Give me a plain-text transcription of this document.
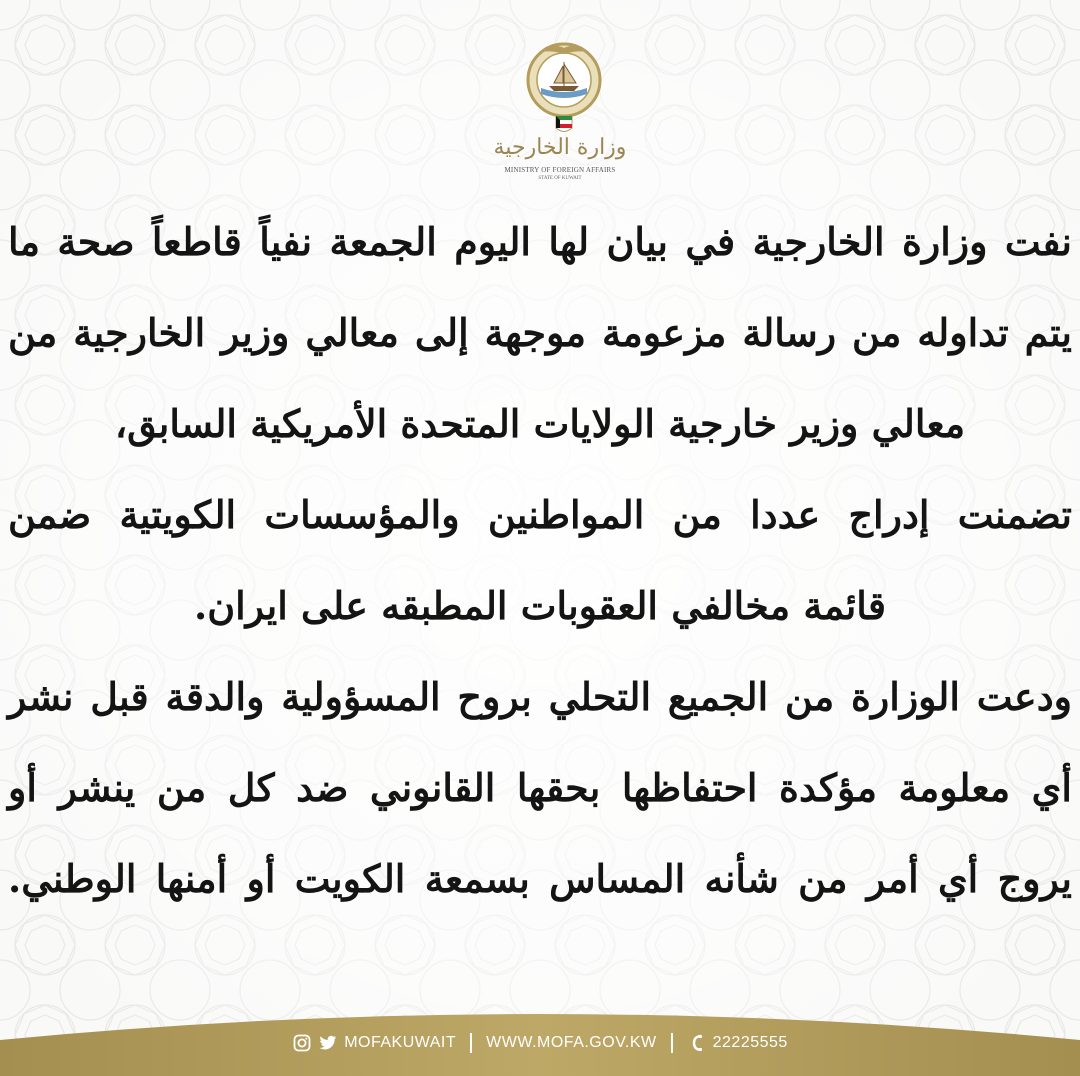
وزارة الخارجية
MINISTRY OF FOREIGN AFFAIRS
STATE OF KUWAIT
نفت وزارة الخارجية في بيان لها اليوم الجمعة نفياً قاطعاً صحة ما
يتم تداوله من رسالة مزعومة موجهة إلى معالي وزير الخارجية من
معالي وزير خارجية الولايات المتحدة الأمريكية السابق،
تضمنت إدراج عددا من المواطنين والمؤسسات الكويتية ضمن
قائمة مخالفي العقوبات المطبقه على ايران.
ودعت الوزارة من الجميع التحلي بروح المسؤولية والدقة قبل نشر
أي معلومة مؤكدة احتفاظها بحقها القانوني ضد كل من ينشر أو
يروج أي أمر من شأنه المساس بسمعة الكويت أو أمنها الوطني.
MOFAKUWAIT WWW.MOFA.GOV.KW	22225555
